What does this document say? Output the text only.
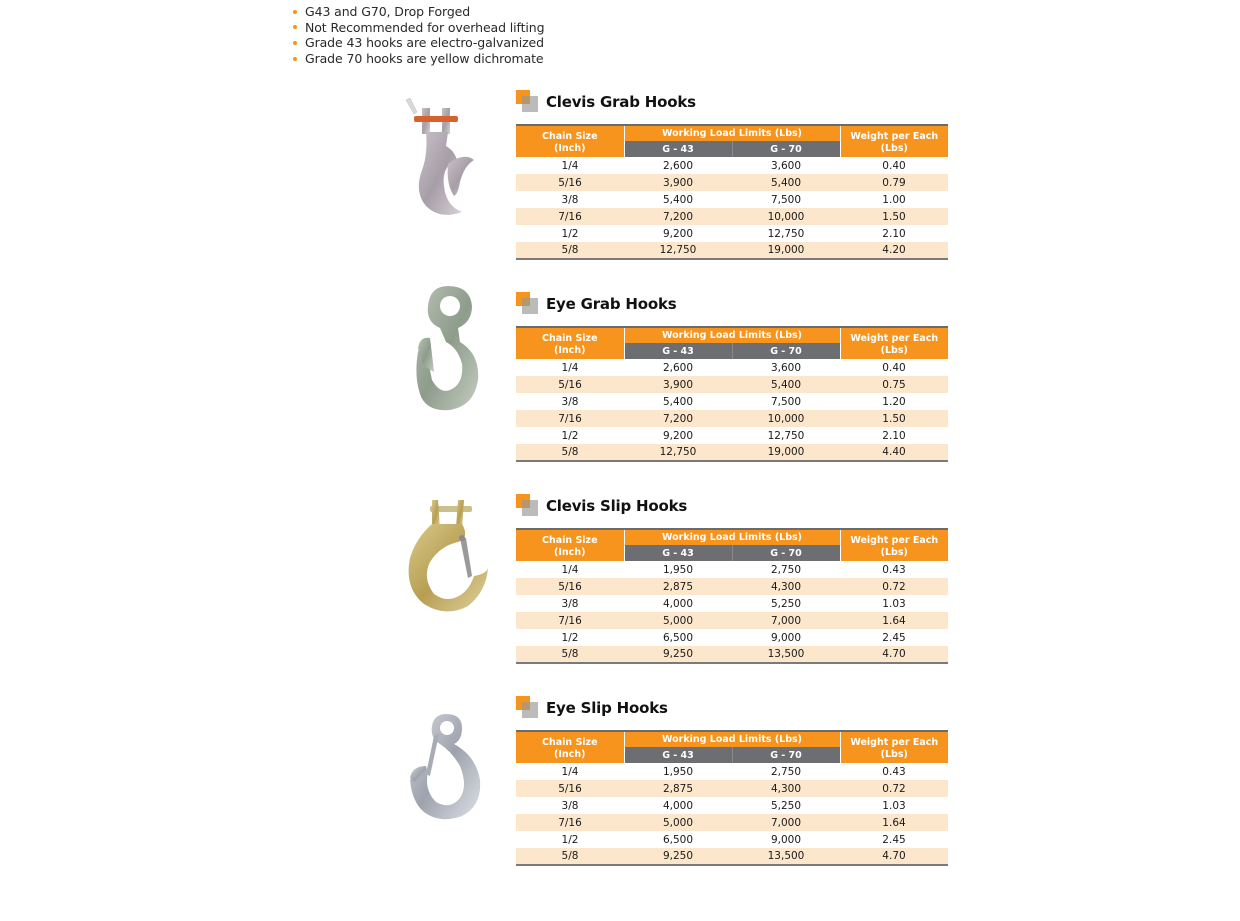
G43 and G70, Drop Forged
Not Recommended for overhead lifting
Grade 43 hooks are electro-galvanized
Grade 70 hooks are yellow dichromate
Clevis Grab Hooks
Chain Size
(Inch)	Working Load Limits (Lbs)		Weight per Each
(Lbs)
	G - 43	G - 70	
1/4	2,600	3,600	0.40
5/16	3,900	5,400	0.79
3/8	5,400	7,500	1.00
7/16	7,200	10,000	1.50
1/2	9,200	12,750	2.10
5/8	12,750	19,000	4.20
Eye Grab Hooks
Chain Size
(Inch)	Working Load Limits (Lbs)		Weight per Each
(Lbs)
	G - 43	G - 70	
1/4	2,600	3,600	0.40
5/16	3,900	5,400	0.75
3/8	5,400	7,500	1.20
7/16	7,200	10,000	1.50
1/2	9,200	12,750	2.10
5/8	12,750	19,000	4.40
Clevis Slip Hooks
Chain Size
(Inch)	Working Load Limits (Lbs)		Weight per Each
(Lbs)
	G - 43	G - 70	
1/4	1,950	2,750	0.43
5/16	2,875	4,300	0.72
3/8	4,000	5,250	1.03
7/16	5,000	7,000	1.64
1/2	6,500	9,000	2.45
5/8	9,250	13,500	4.70
Eye Slip Hooks
Chain Size
(Inch)	Working Load Limits (Lbs)		Weight per Each
(Lbs)
	G - 43	G - 70	
1/4	1,950	2,750	0.43
5/16	2,875	4,300	0.72
3/8	4,000	5,250	1.03
7/16	5,000	7,000	1.64
1/2	6,500	9,000	2.45
5/8	9,250	13,500	4.70
